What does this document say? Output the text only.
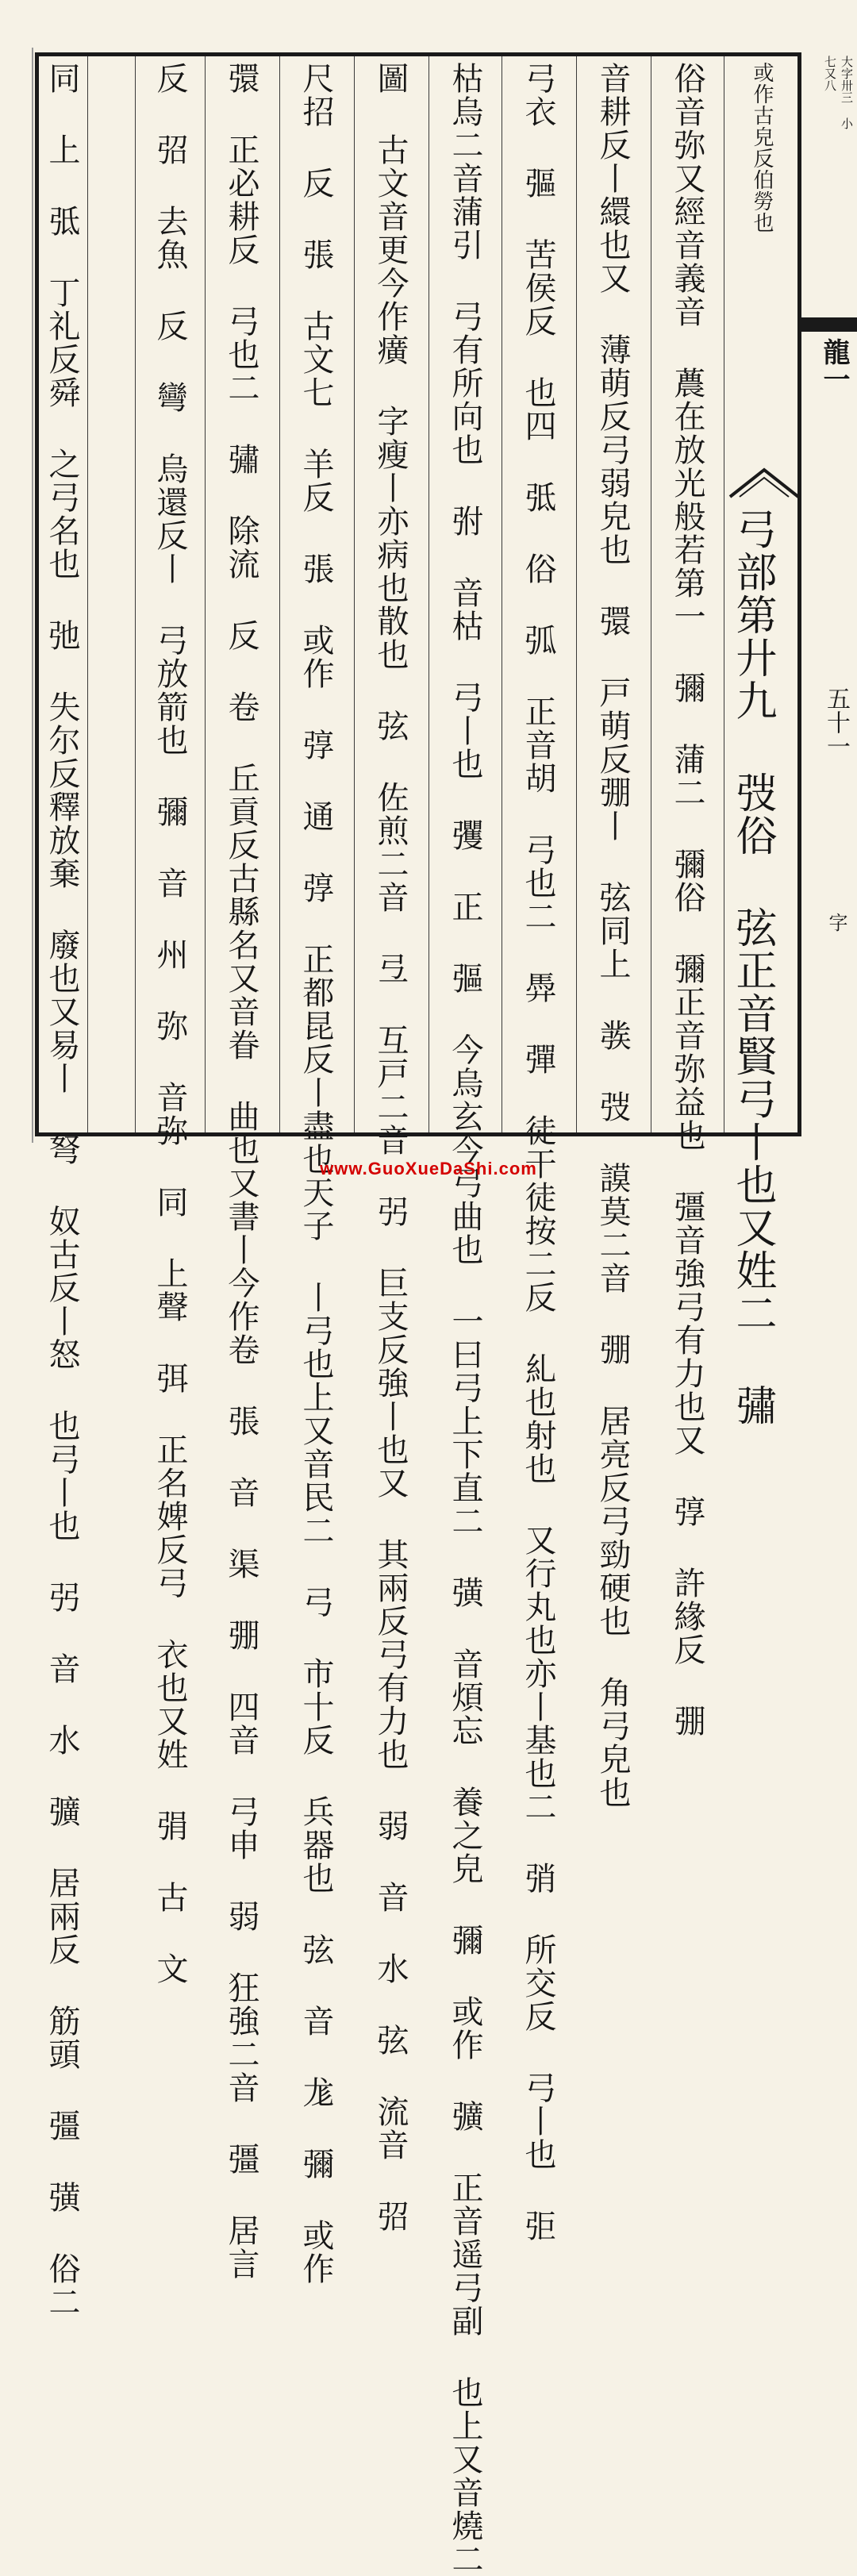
或作古皃反伯勞也
弓部第廾九 弢俗 弦正音賢弓丨也又姓二 彇
俗音弥又經音義音 蕽在放光般若第一 彌 蒲二 彌俗 彌正音弥益也 彊音強弓有力也又 弴 許緣反 弸
音耕反丨繯也又 薄萌反弓弱皃也 彋 戸萌反弸丨 弦同上 彂 弢 謨莫二音 弸 居亮反弓勁硬也 角弓皃也
弓衣 彄 苦侯反 也四 弤 俗 弧 正音胡 弓也二 馵 彈 徒干徒按二反 糺也射也 又行丸也亦丨基也二 弰 所交反 弓丨也 弡
枯烏二音蒲引 弓有所向也 弣 音枯 弓丨也 彏 正 彄 今烏玄今弓曲也 一曰弓上下直二 彉 音煩忘 養之皃 彌 或作 彍 正音遥弓副 也上又音燒二
圖 古文音更今作癀 字瘦丨亦病也散也 弦 佐煎二音 弖 互戸二音 弜 巨支反強丨也又 其兩反弓有力也 弱 音 水 弦 流音 弨
尺招 反 張 古文七 羊反 張 或作 弴 通 弴 正都昆反丨盡也天子 丨弓也上又音民二 弓 市十反 兵器也 弦 音 尨 彌 或作
彋 正必耕反 弓也二 彇 除流 反 卷 丘貢反古縣名又音眷 曲也又書丨今作卷 張 音 渠 弸 四音 弓申 弱 狂強二音 彊 居言
反 弨 去魚 反 彎 烏還反丨 弓放箭也 彌 音 州 弥 音弥 同 上聲 弭 正名婢反弓 衣也又姓 弲 古 文
同 上 弤 丁礼反舜 之弓名也 弛 失尔反釋放棄 廢也又易丨 弩 奴古反丨怒 也弓丨也 弜 音 水 彍 居兩反 筋頭 彊 彉 俗二	大字卅三 小七又八
龍一
五十一
字
www.GuoXueDaShi.com
